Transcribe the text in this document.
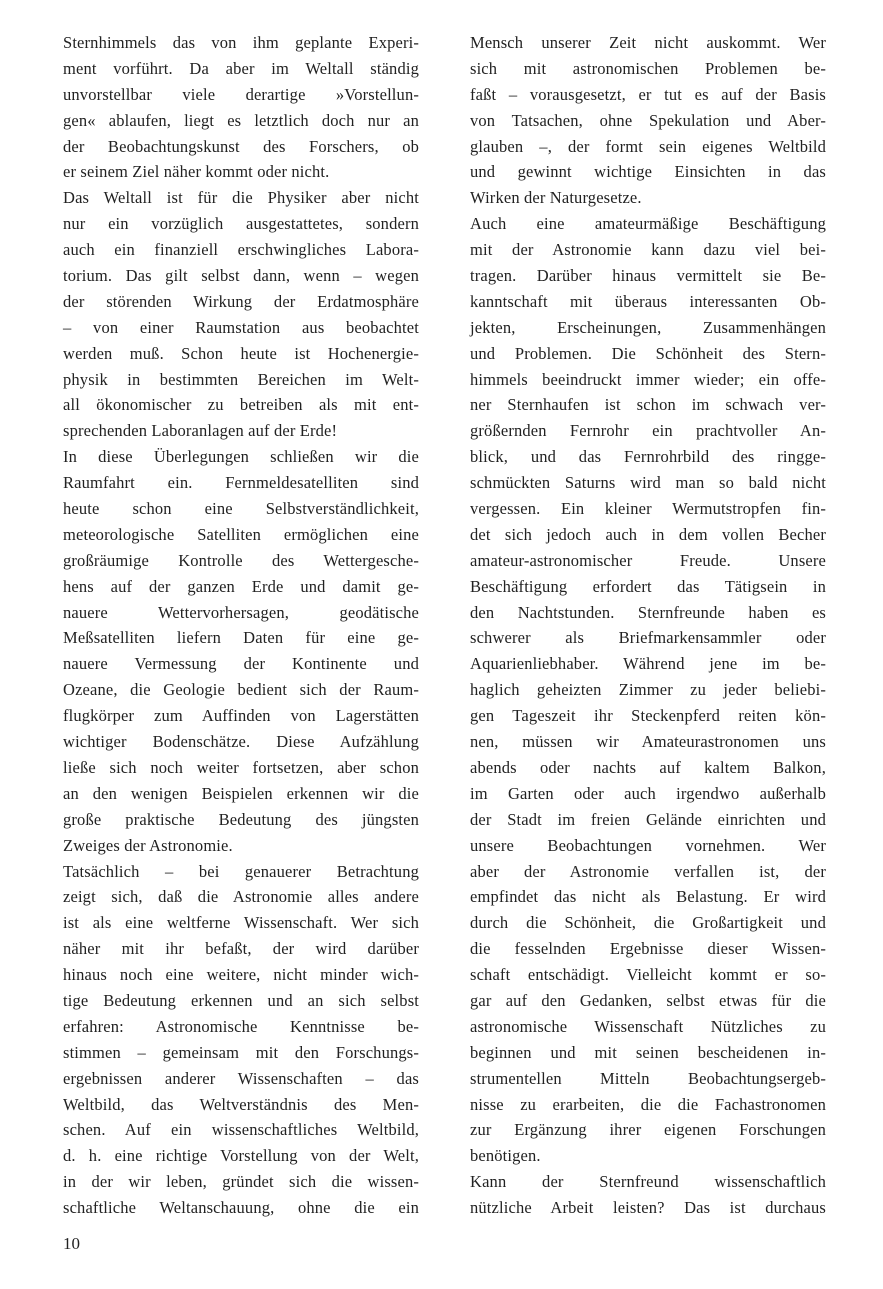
Sternhimmels das von ihm geplante Experi-
ment vorführt. Da aber im Weltall ständig
unvorstellbar viele derartige »Vorstellun-
gen« ablaufen, liegt es letztlich doch nur an
der Beobachtungskunst des Forschers, ob
er seinem Ziel näher kommt oder nicht.
Das Weltall ist für die Physiker aber nicht
nur ein vorzüglich ausgestattetes, sondern
auch ein finanziell erschwingliches Labora-
torium. Das gilt selbst dann, wenn – wegen
der störenden Wirkung der Erdatmosphäre
– von einer Raumstation aus beobachtet
werden muß. Schon heute ist Hochenergie-
physik in bestimmten Bereichen im Welt-
all ökonomischer zu betreiben als mit ent-
sprechenden Laboranlagen auf der Erde!
In diese Überlegungen schließen wir die
Raumfahrt ein. Fernmeldesatelliten sind
heute schon eine Selbstverständlichkeit,
meteorologische Satelliten ermöglichen eine
großräumige Kontrolle des Wettergesche-
hens auf der ganzen Erde und damit ge-
nauere Wettervorhersagen, geodätische
Meßsatelliten liefern Daten für eine ge-
nauere Vermessung der Kontinente und
Ozeane, die Geologie bedient sich der Raum-
flugkörper zum Auffinden von Lagerstätten
wichtiger Bodenschätze. Diese Aufzählung
ließe sich noch weiter fortsetzen, aber schon
an den wenigen Beispielen erkennen wir die
große praktische Bedeutung des jüngsten
Zweiges der Astronomie.
Tatsächlich – bei genauerer Betrachtung
zeigt sich, daß die Astronomie alles andere
ist als eine weltferne Wissenschaft. Wer sich
näher mit ihr befaßt, der wird darüber
hinaus noch eine weitere, nicht minder wich-
tige Bedeutung erkennen und an sich selbst
erfahren: Astronomische Kenntnisse be-
stimmen – gemeinsam mit den Forschungs-
ergebnissen anderer Wissenschaften – das
Weltbild, das Weltverständnis des Men-
schen. Auf ein wissenschaftliches Weltbild,
d. h. eine richtige Vorstellung von der Welt,
in der wir leben, gründet sich die wissen-
schaftliche Weltanschauung, ohne die ein
Mensch unserer Zeit nicht auskommt. Wer
sich mit astronomischen Problemen be-
faßt – vorausgesetzt, er tut es auf der Basis
von Tatsachen, ohne Spekulation und Aber-
glauben –, der formt sein eigenes Weltbild
und gewinnt wichtige Einsichten in das
Wirken der Naturgesetze.
Auch eine amateurmäßige Beschäftigung
mit der Astronomie kann dazu viel bei-
tragen. Darüber hinaus vermittelt sie Be-
kanntschaft mit überaus interessanten Ob-
jekten, Erscheinungen, Zusammenhängen
und Problemen. Die Schönheit des Stern-
himmels beeindruckt immer wieder; ein offe-
ner Sternhaufen ist schon im schwach ver-
größernden Fernrohr ein prachtvoller An-
blick, und das Fernrohrbild des ringge-
schmückten Saturns wird man so bald nicht
vergessen. Ein kleiner Wermutstropfen fin-
det sich jedoch auch in dem vollen Becher
amateur-astronomischer Freude. Unsere
Beschäftigung erfordert das Tätigsein in
den Nachtstunden. Sternfreunde haben es
schwerer als Briefmarkensammler oder
Aquarienliebhaber. Während jene im be-
haglich geheizten Zimmer zu jeder beliebi-
gen Tageszeit ihr Steckenpferd reiten kön-
nen, müssen wir Amateurastronomen uns
abends oder nachts auf kaltem Balkon,
im Garten oder auch irgendwo außerhalb
der Stadt im freien Gelände einrichten und
unsere Beobachtungen vornehmen. Wer
aber der Astronomie verfallen ist, der
empfindet das nicht als Belastung. Er wird
durch die Schönheit, die Großartigkeit und
die fesselnden Ergebnisse dieser Wissen-
schaft entschädigt. Vielleicht kommt er so-
gar auf den Gedanken, selbst etwas für die
astronomische Wissenschaft Nützliches zu
beginnen und mit seinen bescheidenen in-
strumentellen Mitteln Beobachtungsergeb-
nisse zu erarbeiten, die die Fachastronomen
zur Ergänzung ihrer eigenen Forschungen
benötigen.
Kann der Sternfreund wissenschaftlich
nützliche Arbeit leisten? Das ist durchaus
10
